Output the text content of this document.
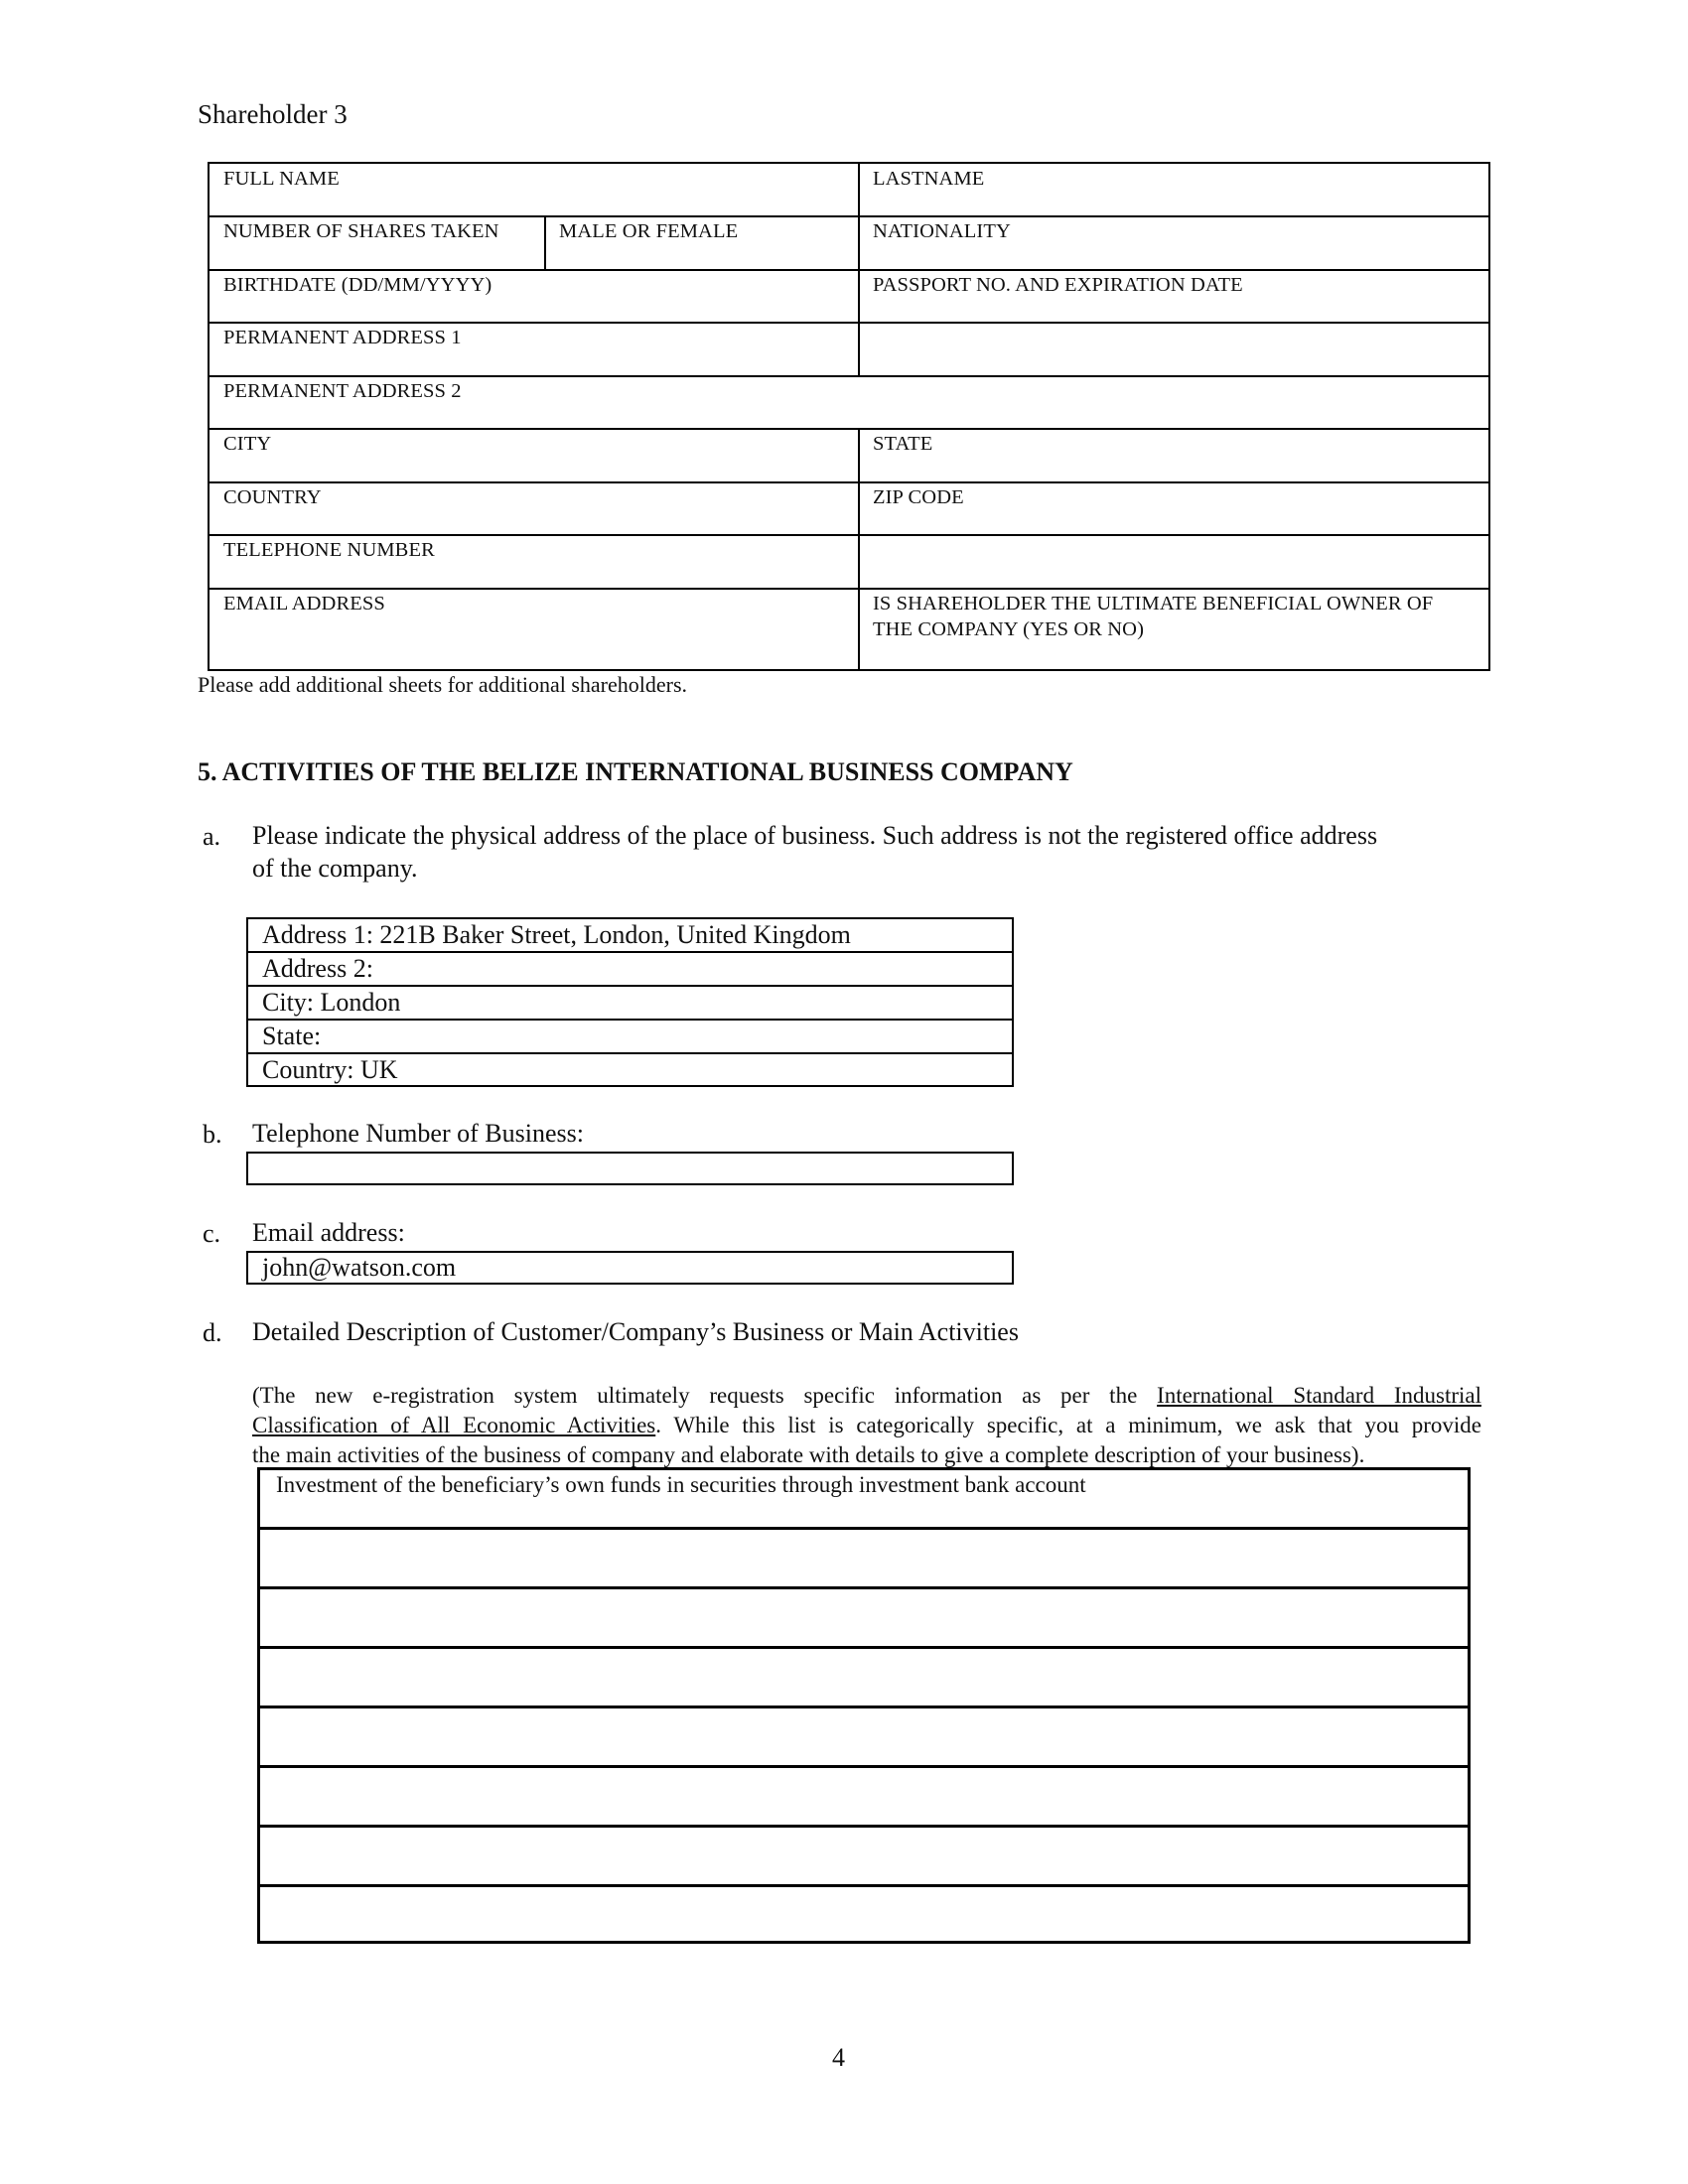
Shareholder 3
FULL NAME	LASTNAME
NUMBER OF SHARES TAKEN	MALE OR FEMALE	NATIONALITY
BIRTHDATE (DD/MM/YYYY)	PASSPORT NO. AND EXPIRATION DATE
PERMANENT ADDRESS 1
PERMANENT ADDRESS 2
CITY	STATE
COUNTRY	ZIP CODE
TELEPHONE NUMBER
EMAIL ADDRESS	IS SHAREHOLDER THE ULTIMATE BENEFICIAL OWNER OF
THE COMPANY (YES OR NO)
Please add additional sheets for additional shareholders.
5. ACTIVITIES OF THE BELIZE INTERNATIONAL BUSINESS COMPANY
a. Please indicate the physical address of the place of business. Such address is not the registered office address
of the company.
Address 1: 221B Baker Street, London, United Kingdom
Address 2:
City: London
State:
Country: UK
b. Telephone Number of Business:
c. Email address:
john@watson.com
d. Detailed Description of Customer/Company’s Business or Main Activities
(The new e-registration system ultimately requests specific information as per the International Standard Industrial
Classification of All Economic Activities. While this list is categorically specific, at a minimum, we ask that you provide
the main activities of the business of company and elaborate with details to give a complete description of your business).
Investment of the beneficiary’s own funds in securities through investment bank account
4
